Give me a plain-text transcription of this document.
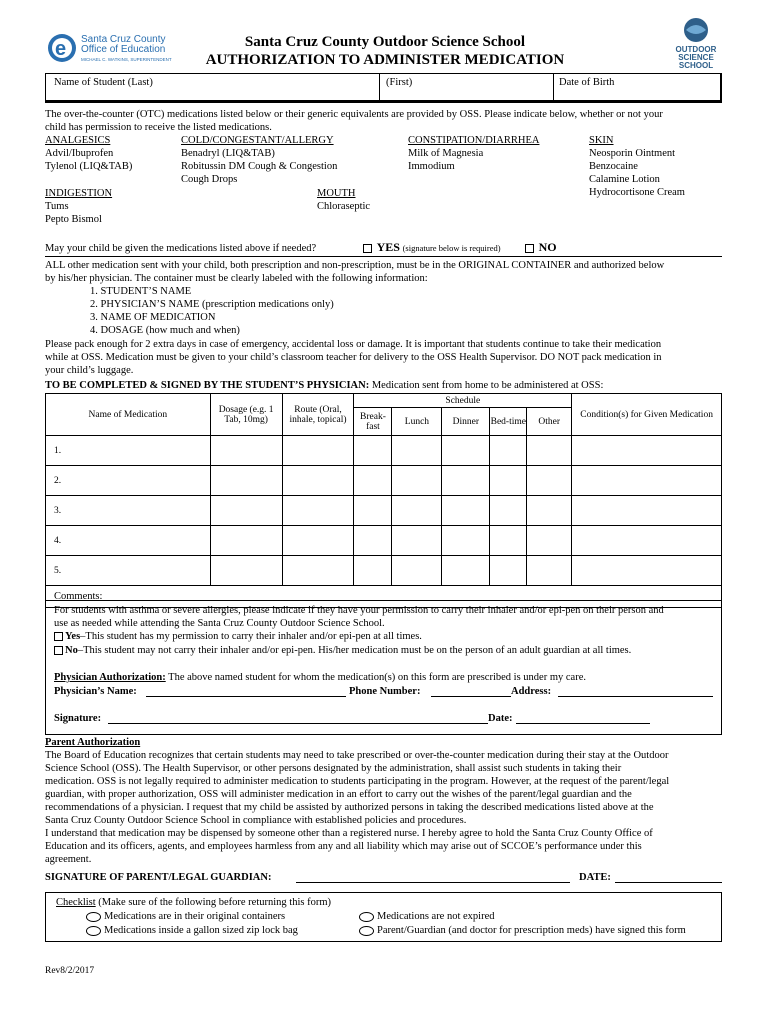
e Santa Cruz County Office of Education
MICHAEL C. WATKINS, SUPERINTENDENT
OUTDOOR SCIENCE SCHOOL
Santa Cruz County Outdoor Science School
AUTHORIZATION TO ADMINISTER MEDICATION
Name of Student (Last)	(First)	Date of Birth
The over-the-counter (OTC) medications listed below or their generic equivalents are provided by OSS. Please indicate below, whether or not your
child has permission to receive the listed medications.
ANALGESICS
Advil/Ibuprofen
Tylenol (LIQ&TAB)
COLD/CONGESTANT/ALLERGY
Benadryl (LIQ&TAB)
Robitussin DM Cough & Congestion
Cough Drops
CONSTIPATION/DIARRHEA
Milk of Magnesia
Immodium
SKIN
Neosporin Ointment
Benzocaine
Calamine Lotion
Hydrocortisone Cream
INDIGESTION
Tums
Pepto Bismol
MOUTH
Chloraseptic
May your child be given the medications listed above if needed?	YES (signature below is required)	NO
ALL other medication sent with your child, both prescription and non-prescription, must be in the ORIGINAL CONTAINER and authorized below
by his/her physician. The container must be clearly labeled with the following information:
1. STUDENT’S NAME
2. PHYSICIAN’S NAME (prescription medications only)
3. NAME OF MEDICATION
4. DOSAGE (how much and when)
Please pack enough for 2 extra days in case of emergency, accidental loss or damage. It is important that students continue to take their medication
while at OSS. Medication must be given to your child’s classroom teacher for delivery to the OSS Health Supervisor. DO NOT pack medication in
your child’s luggage.
TO BE COMPLETED & SIGNED BY THE STUDENT’S PHYSICIAN: Medication sent from home to be administered at OSS:
Name of Medication	Dosage (e.g. 1 Tab, 10mg)	Route (Oral, inhale, topical)	Schedule					Condition(s) for Given Medication
			Break-fast	Lunch	Dinner	Bed-time	Other	
1.								
2.								
3.								
4.								
5.								
Comments:								
For students with asthma or severe allergies, please indicate if they have your permission to carry their inhaler and/or epi-pen on their person and
use as needed while attending the Santa Cruz County Outdoor Science School.
Yes–This student has my permission to carry their inhaler and/or epi-pen at all times.
No–This student may not carry their inhaler and/or epi-pen. His/her medication must be on the person of an adult guardian at all times.
Physician Authorization: The above named student for whom the medication(s) on this form are prescribed is under my care.
Physician’s Name:	Phone Number:	Address:
Signature:	Date:
Parent Authorization
The Board of Education recognizes that certain students may need to take prescribed or over-the-counter medication during their stay at the Outdoor
Science School (OSS). The Health Supervisor, or other persons designated by the administration, shall assist such students in taking their
medication. OSS is not legally required to administer medication to students participating in the program. However, at the request of the parent/legal
guardian, with proper authorization, OSS will administer medication in an effort to carry out the wishes of the parent/legal guardian and the
recommendations of a physician. I request that my child be assisted by authorized persons in taking the described medications listed above at the
Santa Cruz County Outdoor Science School in compliance with established policies and procedures.
I understand that medication may be dispensed by someone other than a registered nurse. I hereby agree to hold the Santa Cruz County Office of
Education and its officers, agents, and employees harmless from any and all liability which may arise out of SCCOE’s performance under this
agreement.
SIGNATURE OF PARENT/LEGAL GUARDIAN:	DATE:
Checklist (Make sure of the following before returning this form)
Medications are in their original containers	Medications are not expired
Medications inside a gallon sized zip lock bag	Parent/Guardian (and doctor for prescription meds) have signed this form
Rev8/2/2017
